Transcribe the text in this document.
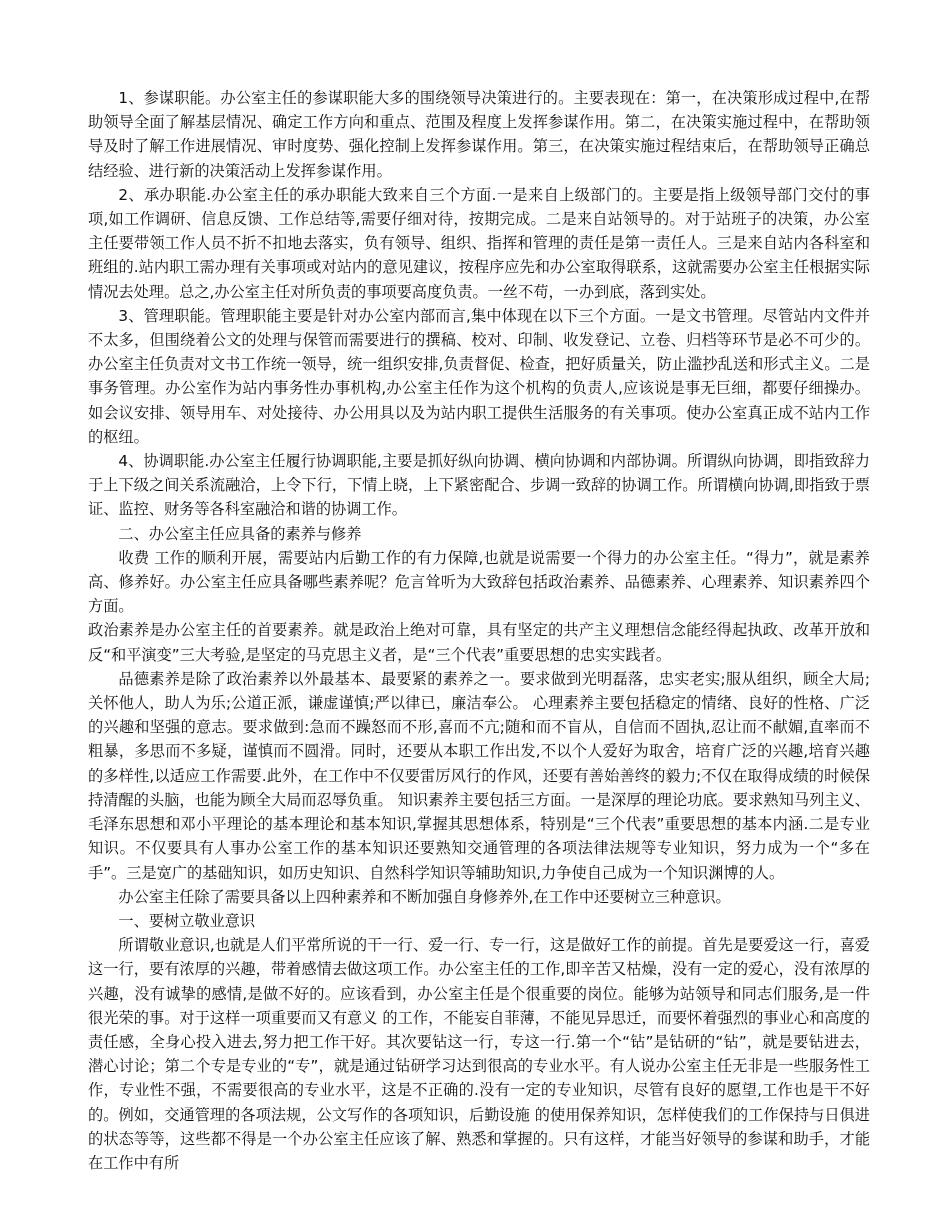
1、参谋职能。办公室主任的参谋职能大多的围绕领导决策进行的。主要表现在：第一，在决策形成过程中,在帮助领导全面了解基层情况、确定工作方向和重点、范围及程度上发挥参谋作用。第二，在决策实施过程中，在帮助领导及时了解工作进展情况、审时度势、强化控制上发挥参谋作用。第三，在决策实施过程结束后，在帮助领导正确总结经验、进行新的决策活动上发挥参谋作用。

2、承办职能.办公室主任的承办职能大致来自三个方面.一是来自上级部门的。主要是指上级领导部门交付的事项,如工作调研、信息反馈、工作总结等,需要仔细对待，按期完成。二是来自站领导的。对于站班子的决策，办公室主任要带领工作人员不折不扣地去落实，负有领导、组织、指挥和管理的责任是第一责任人。三是来自站内各科室和班组的.站内职工需办理有关事项或对站内的意见建议，按程序应先和办公室取得联系，这就需要办公室主任根据实际情况去处理。总之,办公室主任对所负责的事项要高度负责。一丝不苟，一办到底，落到实处。

3、管理职能。管理职能主要是针对办公室内部而言,集中体现在以下三个方面。一是文书管理。尽管站内文件并不太多，但围绕着公文的处理与保管而需要进行的撰稿、校对、印制、收发登记、立卷、归档等环节是必不可少的。办公室主任负责对文书工作统一领导，统一组织安排,负责督促、检查，把好质量关，防止滥抄乱送和形式主义。二是事务管理。办公室作为站内事务性办事机构,办公室主任作为这个机构的负责人,应该说是事无巨细，都要仔细操办。如会议安排、领导用车、对处接待、办公用具以及为站内职工提供生活服务的有关事项。使办公室真正成不站内工作的枢纽。

4、协调职能.办公室主任履行协调职能,主要是抓好纵向协调、横向协调和内部协调。所谓纵向协调，即指致辞力于上下级之间关系流融洽，上令下行，下情上晓，上下紧密配合、步调一致辞的协调工作。所谓横向协调,即指致于票证、监控、财务等各科室融洽和谐的协调工作。

二、办公室主任应具备的素养与修养

收费 工作的顺利开展，需要站内后勤工作的有力保障,也就是说需要一个得力的办公室主任。“得力”，就是素养高、修养好。办公室主任应具备哪些素养呢？危言耸听为大致辞包括政治素养、品德素养、心理素养、知识素养四个方面。

政治素养是办公室主任的首要素养。就是政治上绝对可靠，具有坚定的共产主义理想信念能经得起执政、改革开放和反“和平演变”三大考验,是坚定的马克思主义者，是“三个代表”重要思想的忠实实践者。

品德素养是除了政治素养以外最基本、最要紧的素养之一。要求做到光明磊落，忠实老实;服从组织，顾全大局;关怀他人，助人为乐;公道正派，谦虚谨慎;严以律已，廉洁奉公。 心理素养主要包括稳定的情绪、良好的性格、广泛的兴趣和坚强的意志。要求做到:急而不躁怒而不形,喜而不亢;随和而不盲从，自信而不固执,忍让而不献媚,直率而不粗暴，多思而不多疑，谨慎而不圆滑。同时，还要从本职工作出发,不以个人爱好为取舍，培育广泛的兴趣,培育兴趣的多样性,以适应工作需要.此外，在工作中不仅要雷厉风行的作风，还要有善始善终的毅力;不仅在取得成绩的时候保持清醒的头脑，也能为顾全大局而忍辱负重。 知识素养主要包括三方面。一是深厚的理论功底。要求熟知马列主义、毛泽东思想和邓小平理论的基本理论和基本知识,掌握其思想体系，特别是“三个代表”重要思想的基本内涵.二是专业知识。不仅要具有人事办公室工作的基本知识还要熟知交通管理的各项法律法规等专业知识，努力成为一个“多在手”。三是宽广的基础知识，如历史知识、自然科学知识等辅助知识,力争使自己成为一个知识渊博的人。

办公室主任除了需要具备以上四种素养和不断加强自身修养外,在工作中还要树立三种意识。

一、要树立敬业意识

所谓敬业意识,也就是人们平常所说的干一行、爱一行、专一行，这是做好工作的前提。首先是要爱这一行，喜爱这一行，要有浓厚的兴趣，带着感情去做这项工作。办公室主任的工作,即辛苦又枯燥，没有一定的爱心，没有浓厚的兴趣，没有诚挚的感情,是做不好的。应该看到，办公室主任是个很重要的岗位。能够为站领导和同志们服务,是一件很光荣的事。对于这样一项重要而又有意义 的工作，不能妄自菲薄，不能见异思迁，而要怀着强烈的事业心和高度的责任感，全身心投入进去,努力把工作干好。其次要钻这一行，专这一行.第一个“钻”是钻研的“钻”，就是要钻进去，潜心讨论；第二个专是专业的“专”，就是通过钻研学习达到很高的专业水平。有人说办公室主任无非是一些服务性工作，专业性不强，不需要很高的专业水平，这是不正确的.没有一定的专业知识，尽管有良好的愿望,工作也是干不好的。例如，交通管理的各项法规，公文写作的各项知识，后勤设施 的使用保养知识，怎样使我们的工作保持与日俱进的状态等等，这些都不得是一个办公室主任应该了解、熟悉和掌握的。只有这样，才能当好领导的参谋和助手，才能在工作中有所
